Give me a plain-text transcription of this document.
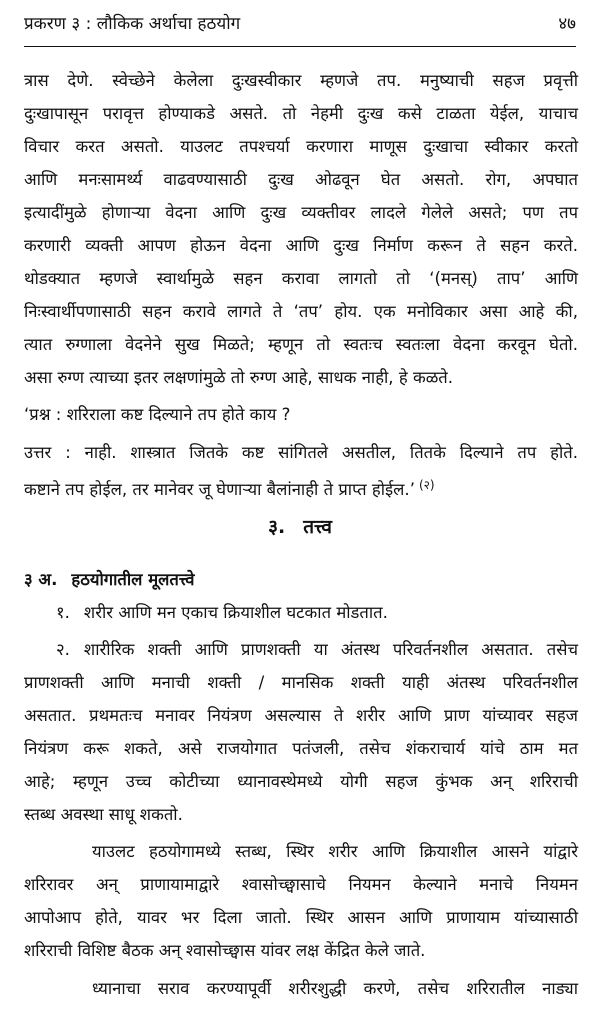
प्रकरण ३ : लौकिक अर्थाचा हठयोग	४७

त्रास देणे. स्वेच्छेने केलेला दुःखस्वीकार म्हणजे तप. मनुष्याची सहज प्रवृत्ती

दुःखापासून परावृत्त होण्याकडे असते. तो नेहमी दुःख कसे टाळता येईल, याचाच

विचार करत असतो. याउलट तपश्चर्या करणारा माणूस दुःखाचा स्वीकार करतो

आणि मनःसामर्थ्य वाढवण्यासाठी दुःख ओढवून घेत असतो. रोग, अपघात

इत्यादींमुळे होणाऱ्या वेदना आणि दुःख व्यक्तीवर लादले गेलेले असते; पण तप

करणारी व्यक्ती आपण होऊन वेदना आणि दुःख निर्माण करून ते सहन करते.

थोडक्यात म्हणजे स्वार्थामुळे सहन करावा लागतो तो ‘(मनस्) ताप’ आणि

निःस्वार्थीपणासाठी सहन करावे लागते ते ‘तप’ होय. एक मनोविकार असा आहे की,

त्यात रुग्णाला वेदनेने सुख मिळते; म्हणून तो स्वतःच स्वतःला वेदना करवून घेतो.

असा रुग्ण त्याच्या इतर लक्षणांमुळे तो रुग्ण आहे, साधक नाही, हे कळते.

‘प्रश्न : शरिराला कष्ट दिल्याने तप होते काय ?

उत्तर : नाही. शास्त्रात जितके कष्ट सांगितले असतील, तितके दिल्याने तप होते.

कष्टाने तप होईल, तर मानेवर जू घेणाऱ्या बैलांनाही ते प्राप्त होईल.’ $^{(२)}$

३. तत्त्व
३ अ. हठयोगातील मूलतत्त्वे

१. शरीर आणि मन एकाच क्रियाशील घटकात मोडतात.

२. शारीरिक शक्ती आणि प्राणशक्ती या अंतस्थ परिवर्तनशील असतात. तसेच

प्राणशक्ती आणि मनाची शक्ती / मानसिक शक्ती याही अंतस्थ परिवर्तनशील

असतात. प्रथमतःच मनावर नियंत्रण असल्यास ते शरीर आणि प्राण यांच्यावर सहज

नियंत्रण करू शकते, असे राजयोगात पतंजली, तसेच शंकराचार्य यांचे ठाम मत

आहे; म्हणून उच्च कोटीच्या ध्यानावस्थेमध्ये योगी सहज कुंभक अन् शरिराची

स्तब्ध अवस्था साधू शकतो.

याउलट हठयोगामध्ये स्तब्ध, स्थिर शरीर आणि क्रियाशील आसने यांद्वारे

शरिरावर अन् प्राणायामाद्वारे श्वासोच्छ्वासाचे नियमन केल्याने मनाचे नियमन

आपोआप होते, यावर भर दिला जातो. स्थिर आसन आणि प्राणायाम यांच्यासाठी

शरिराची विशिष्ट बैठक अन् श्वासोच्छ्वास यांवर लक्ष केंद्रित केले जाते.

ध्यानाचा सराव करण्यापूर्वी शरीरशुद्धी करणे, तसेच शरिरातील नाड्या
